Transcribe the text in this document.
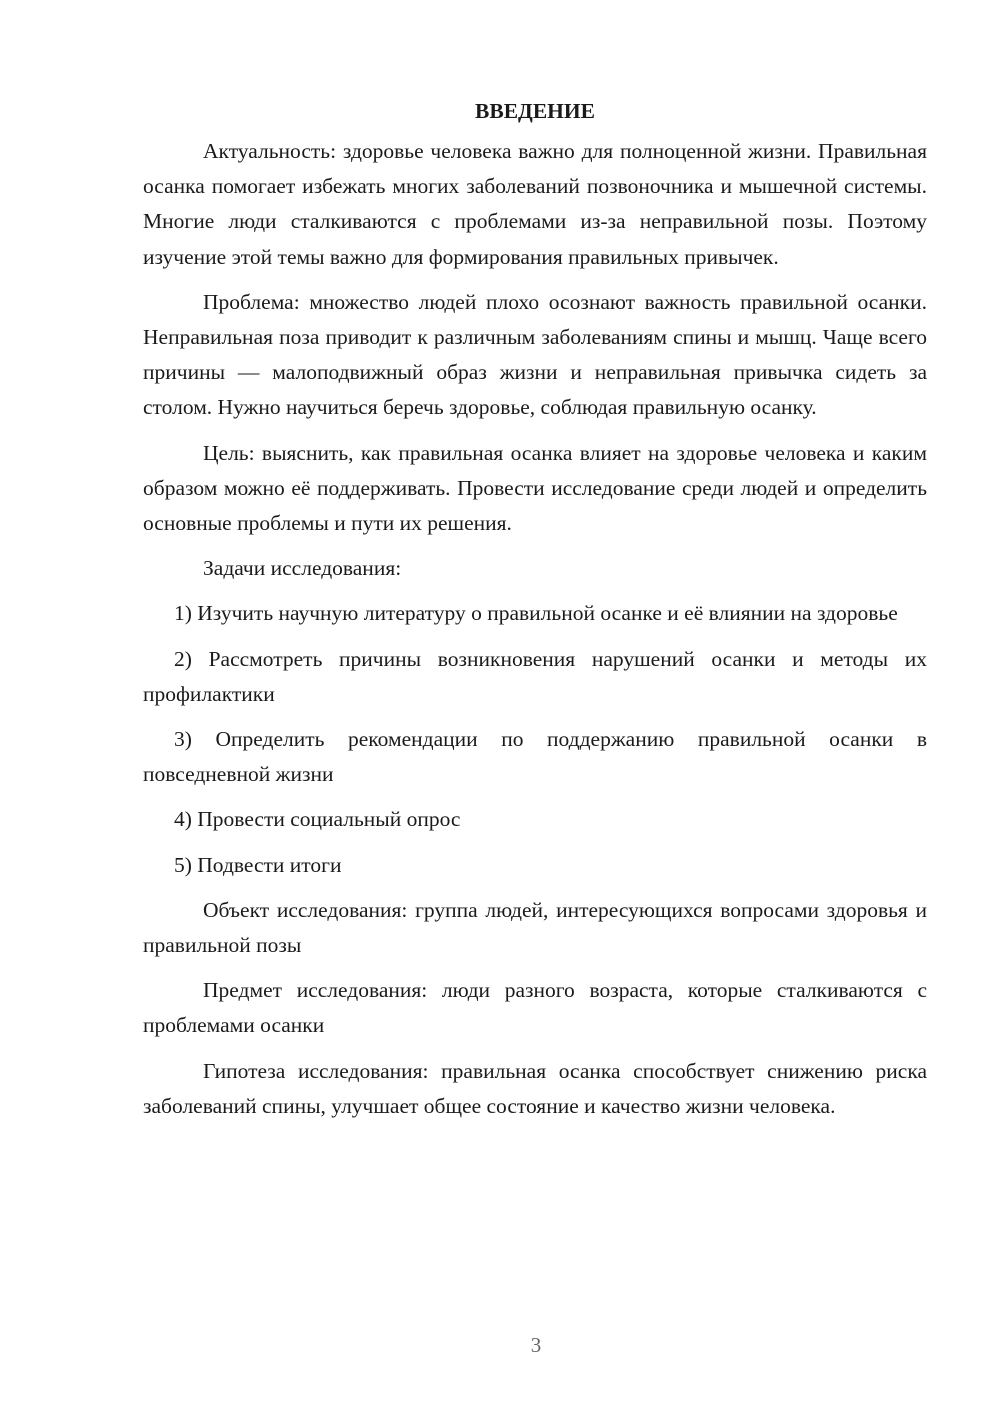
ВВЕДЕНИЕ
Актуальность: здоровье человека важно для полноценной жизни. Правильная осанка помогает избежать многих заболеваний позвоночника и мышечной системы. Многие люди сталкиваются с проблемами из-за неправильной позы. Поэтому изучение этой темы важно для формирования правильных привычек.
Проблема: множество людей плохо осознают важность правильной осанки. Неправильная поза приводит к различным заболеваниям спины и мышц. Чаще всего причины — малоподвижный образ жизни и неправильная привычка сидеть за столом. Нужно научиться беречь здоровье, соблюдая правильную осанку.
Цель: выяснить, как правильная осанка влияет на здоровье человека и каким образом можно её поддерживать. Провести исследование среди людей и определить основные проблемы и пути их решения.
Задачи исследования:
1) Изучить научную литературу о правильной осанке и её влиянии на здоровье
2) Рассмотреть причины возникновения нарушений осанки и методы их профилактики
3) Определить рекомендации по поддержанию правильной осанки в повседневной жизни
4) Провести социальный опрос
5) Подвести итоги
Объект исследования: группа людей, интересующихся вопросами здоровья и правильной позы
Предмет исследования: люди разного возраста, которые сталкиваются с проблемами осанки
Гипотеза исследования: правильная осанка способствует снижению риска заболеваний спины, улучшает общее состояние и качество жизни человека.
3
